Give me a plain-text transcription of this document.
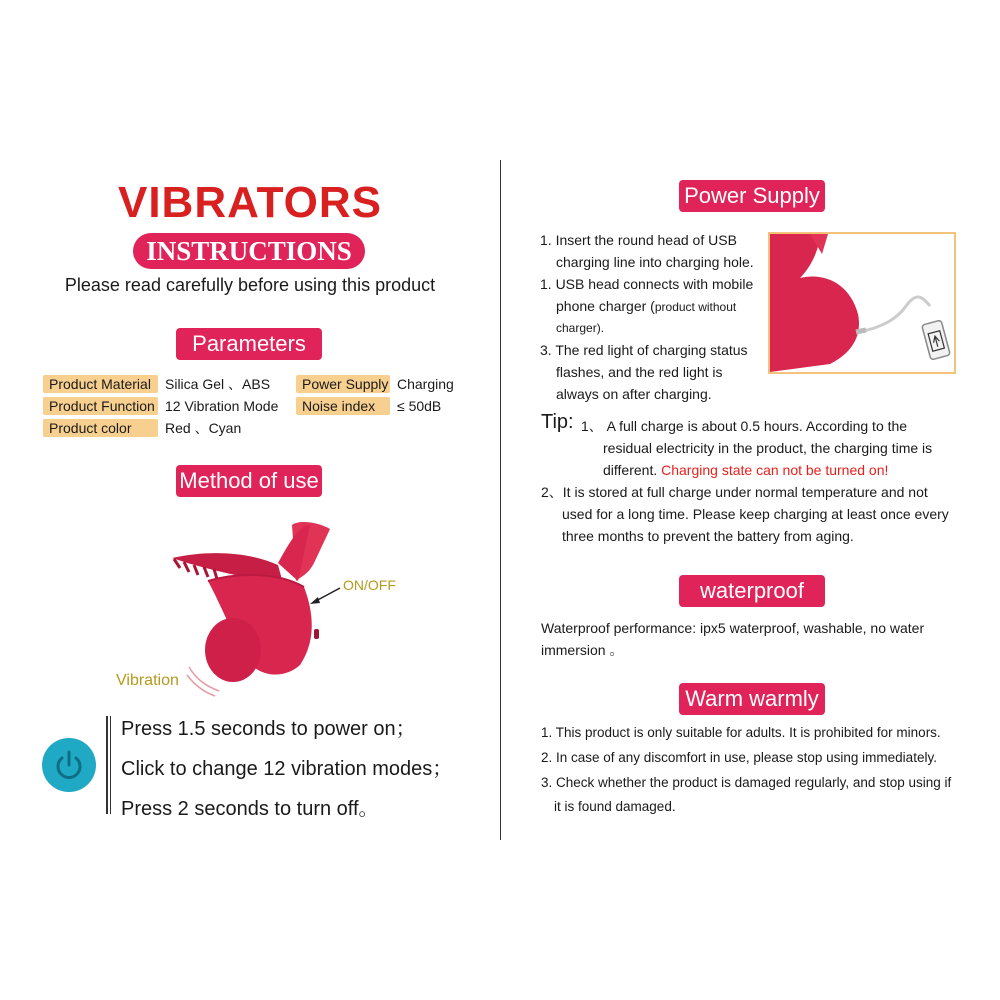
VIBRATORS
INSTRUCTIONS
Please read carefully before using this product
Parameters
Product Material	Silica Gel 、ABS	Power Supply Charging
Product Function 12 Vibration Mode	Noise index	≤ 50dB
Product color	Red 、Cyan
Method of use
ON/OFF
Vibration
Press 1.5 seconds to power on；
Click to change 12 vibration modes；
Press 2 seconds to turn off。
Power Supply
1. Insert the round head of USB
charging line into charging hole.
1. USB head connects with mobile
phone charger (product without
charger).
3. The red light of charging status
flashes, and the red light is
always on after charging.
Tip: 1、 A full charge is about 0.5 hours. According to the
residual electricity in the product, the charging time is
different. Charging state can not be turned on!
2、It is stored at full charge under normal temperature and not
used for a long time. Please keep charging at least once every
three months to prevent the battery from aging.
waterproof
Waterproof performance: ipx5 waterproof, washable, no water
immersion 。
Warm warmly
1. This product is only suitable for adults. It is prohibited for minors.
2. In case of any discomfort in use, please stop using immediately.
3. Check whether the product is damaged regularly, and stop using if
it is found damaged.
